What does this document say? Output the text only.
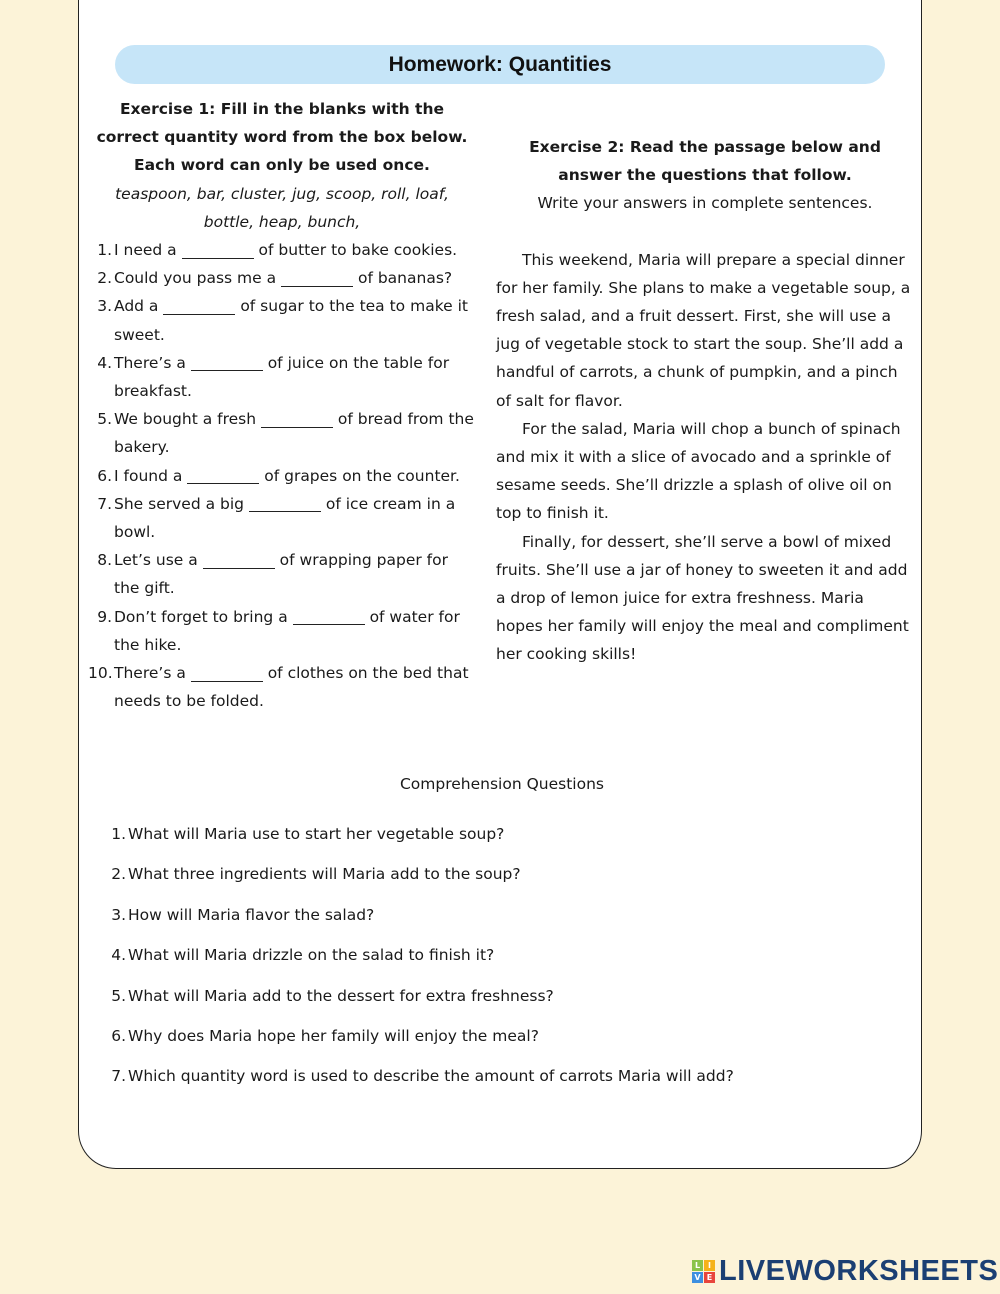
Homework: Quantities
Exercise 1: Fill in the blanks with the correct quantity word from the box below. Each word can only be used once.
teaspoon, bar, cluster, jug, scoop, roll, loaf, bottle, heap, bunch,
1. I need a	of butter to bake cookies.
2. Could you pass me a	of bananas?
3. Add a	of sugar to the tea to make it sweet.
4. There’s a	of juice on the table for breakfast.
5. We bought a fresh	of bread from the bakery.
6. I found a	of grapes on the counter.
7. She served a big	of ice cream in a bowl.
8. Let’s use a	of wrapping paper for the gift.
9. Don’t forget to bring a	of water for the hike.
10. There’s a	of clothes on the bed that needs to be folded.
Exercise 2: Read the passage below and answer the questions that follow.
Write your answers in complete sentences.

This weekend, Maria will prepare a special dinner for her family. She plans to make a vegetable soup, a fresh salad, and a fruit dessert. First, she will use a jug of vegetable stock to start the soup. She’ll add a handful of carrots, a chunk of pumpkin, and a pinch of salt for flavor.

For the salad, Maria will chop a bunch of spinach and mix it with a slice of avocado and a sprinkle of sesame seeds. She’ll drizzle a splash of olive oil on top to finish it.

Finally, for dessert, she’ll serve a bowl of mixed fruits. She’ll use a jar of honey to sweeten it and add a drop of lemon juice for extra freshness. Maria hopes her family will enjoy the meal and compliment her cooking skills!

Comprehension Questions
1. What will Maria use to start her vegetable soup?
2. What three ingredients will Maria add to the soup?
3. How will Maria flavor the salad?
4. What will Maria drizzle on the salad to finish it?
5. What will Maria add to the dessert for extra freshness?
6. Why does Maria hope her family will enjoy the meal?
7. Which quantity word is used to describe the amount of carrots Maria will add?
L I
V E LIVEWORKSHEETS
